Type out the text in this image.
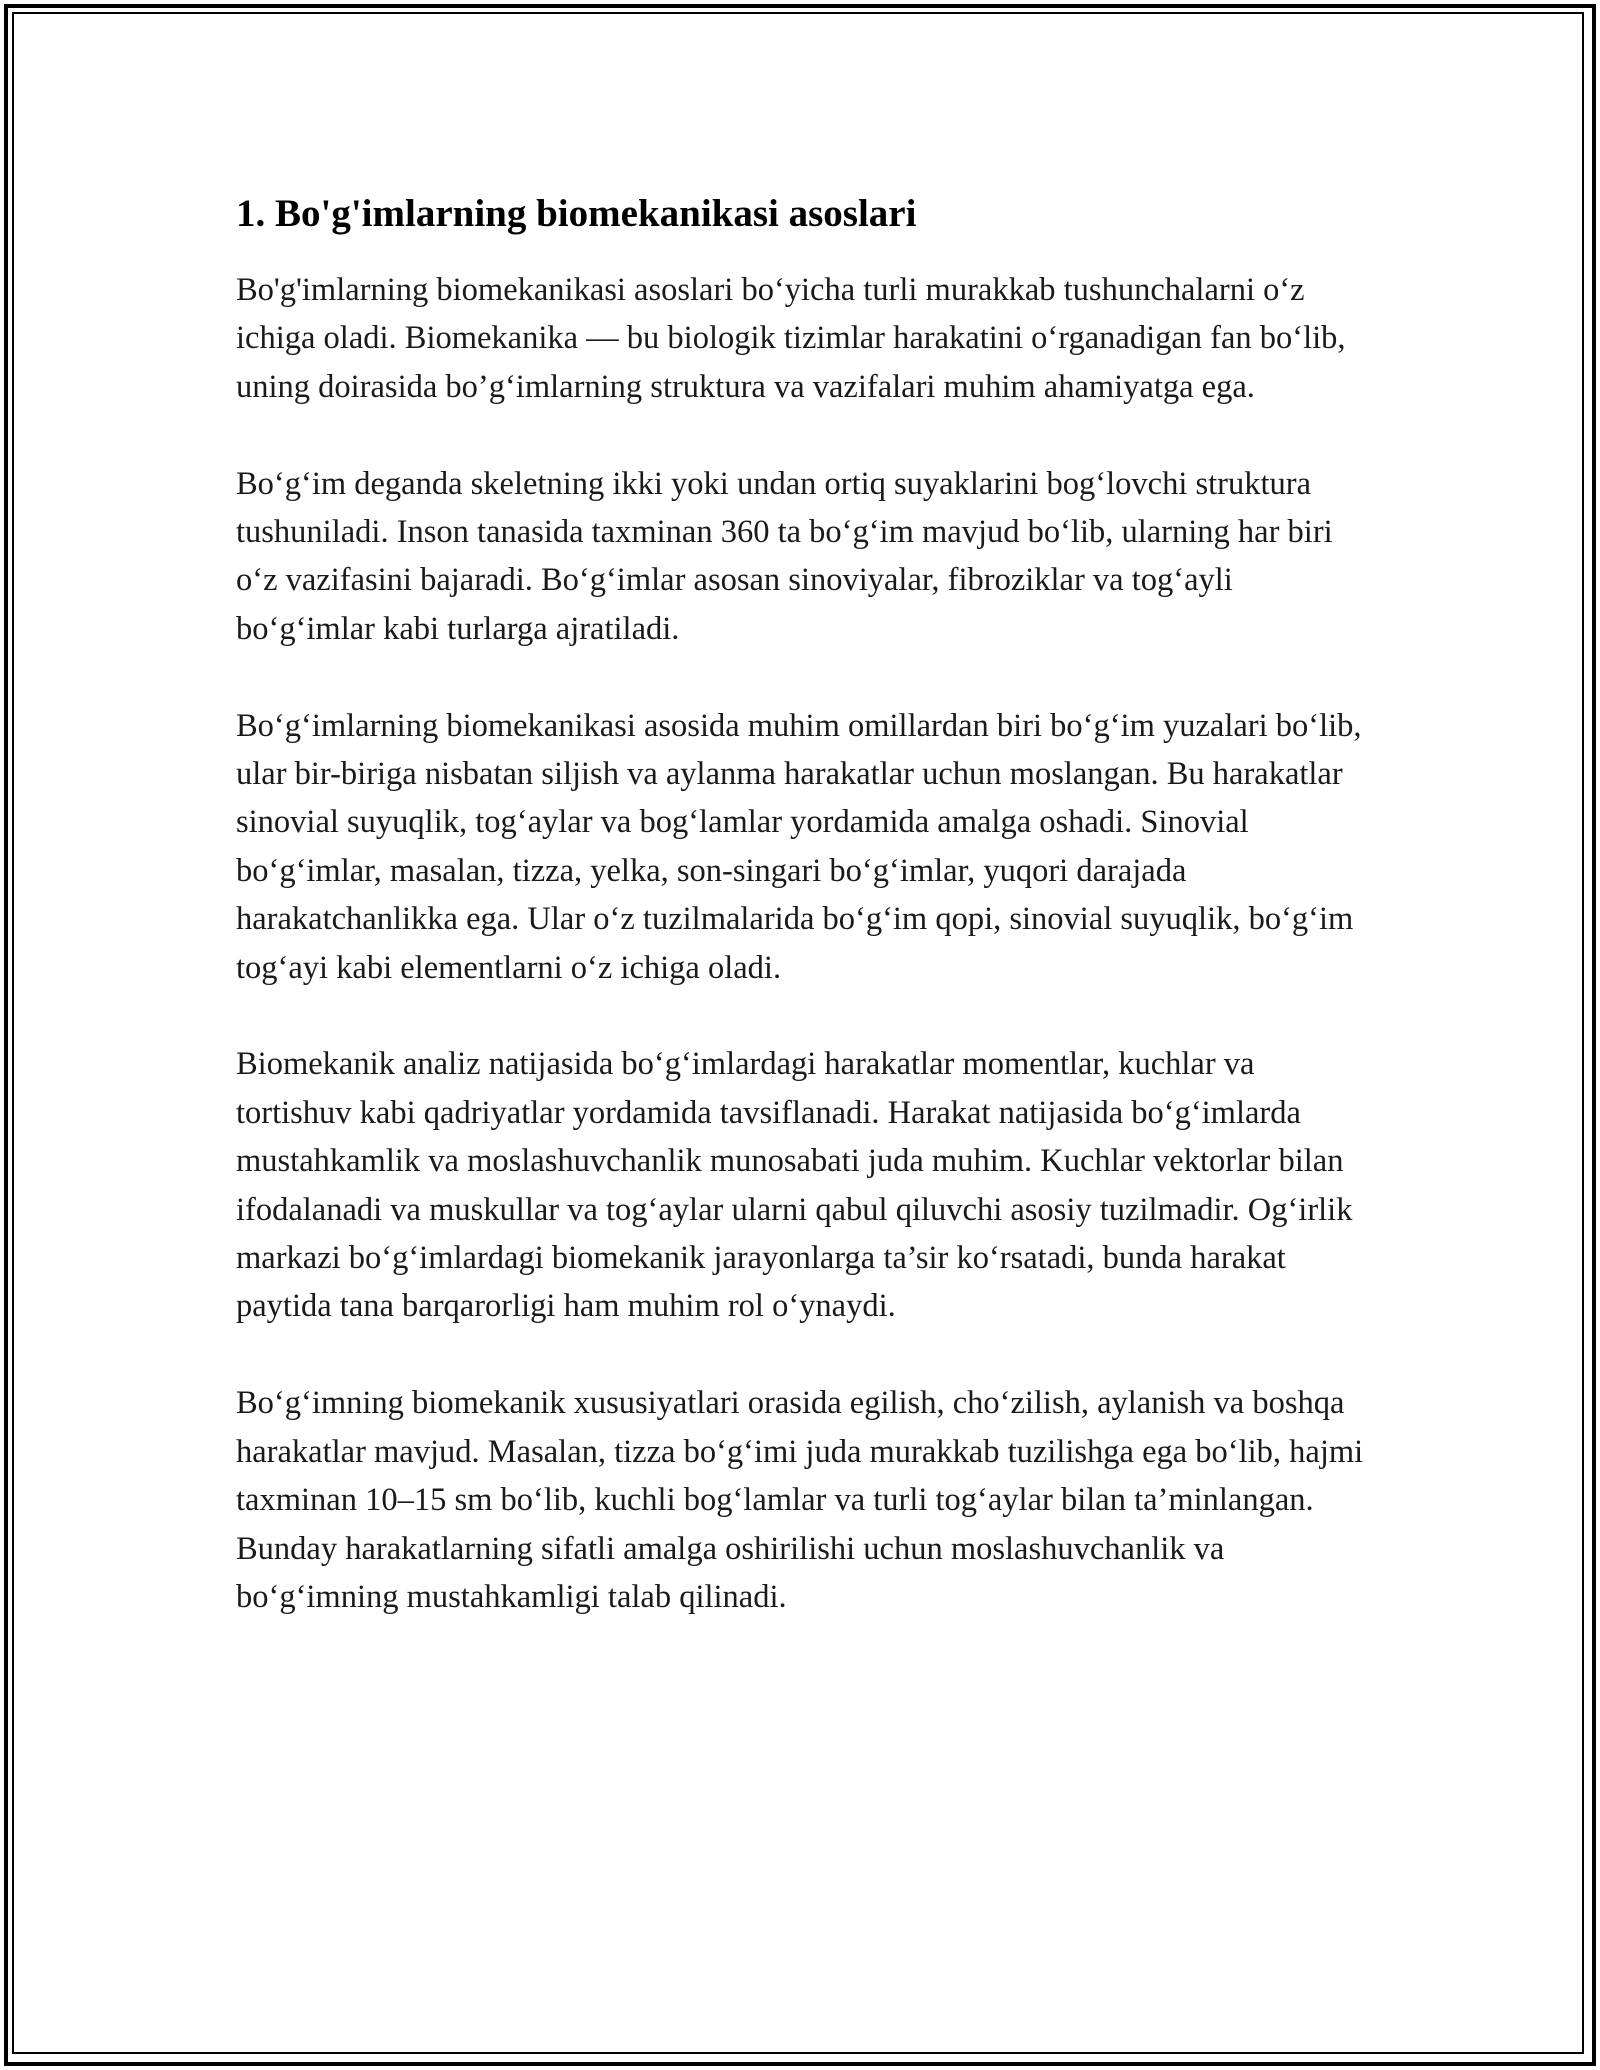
1. Bo'g'imlarning biomekanikasi asoslari

Bo'g'imlarning biomekanikasi asoslari bo‘yicha turli murakkab tushunchalarni o‘z ichiga oladi. Biomekanika — bu biologik tizimlar harakatini o‘rganadigan fan bo‘lib, uning doirasida bo’g‘imlarning struktura va vazifalari muhim ahamiyatga ega.

Bo‘g‘im deganda skeletning ikki yoki undan ortiq suyaklarini bog‘lovchi struktura tushuniladi. Inson tanasida taxminan 360 ta bo‘g‘im mavjud bo‘lib, ularning har biri o‘z vazifasini bajaradi. Bo‘g‘imlar asosan sinoviyalar, fibroziklar va tog‘ayli bo‘g‘imlar kabi turlarga ajratiladi.

Bo‘g‘imlarning biomekanikasi asosida muhim omillardan biri bo‘g‘im yuzalari bo‘lib, ular bir-biriga nisbatan siljish va aylanma harakatlar uchun moslangan. Bu harakatlar sinovial suyuqlik, tog‘aylar va bog‘lamlar yordamida amalga oshadi. Sinovial bo‘g‘imlar, masalan, tizza, yelka, son-singari bo‘g‘imlar, yuqori darajada harakatchanlikka ega. Ular o‘z tuzilmalarida bo‘g‘im qopi, sinovial suyuqlik, bo‘g‘im tog‘ayi kabi elementlarni o‘z ichiga oladi.

Biomekanik analiz natijasida bo‘g‘imlardagi harakatlar momentlar, kuchlar va tortishuv kabi qadriyatlar yordamida tavsiflanadi. Harakat natijasida bo‘g‘imlarda mustahkamlik va moslashuvchanlik munosabati juda muhim. Kuchlar vektorlar bilan ifodalanadi va muskullar va tog‘aylar ularni qabul qiluvchi asosiy tuzilmadir. Og‘irlik markazi bo‘g‘imlardagi biomekanik jarayonlarga ta’sir ko‘rsatadi, bunda harakat paytida tana barqarorligi ham muhim rol o‘ynaydi.

Bo‘g‘imning biomekanik xususiyatlari orasida egilish, cho‘zilish, aylanish va boshqa harakatlar mavjud. Masalan, tizza bo‘g‘imi juda murakkab tuzilishga ega bo‘lib, hajmi taxminan 10–15 sm bo‘lib, kuchli bog‘lamlar va turli tog‘aylar bilan ta’minlangan. Bunday harakatlarning sifatli amalga oshirilishi uchun moslashuvchanlik va bo‘g‘imning mustahkamligi talab qilinadi.
